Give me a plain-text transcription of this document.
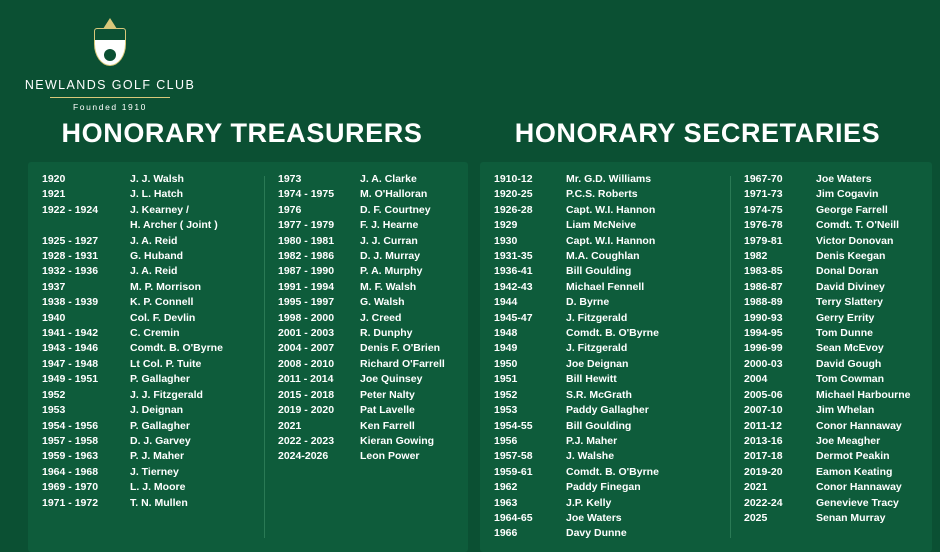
NEWLANDS GOLF CLUB
Founded 1910
HONORARY TREASURERS	HONORARY SECRETARIES
1920	J. J. Walsh
1921	J. L. Hatch
1922 - 1924	J. Kearney /
H. Archer ( Joint )
1925 - 1927	J. A. Reid
1928 - 1931	G. Huband
1932 - 1936	J. A. Reid
1937	M. P. Morrison
1938 - 1939	K. P. Connell
1940	Col. F. Devlin
1941 - 1942	C. Cremin
1943 - 1946	Comdt. B. O'Byrne
1947 - 1948	Lt Col. P. Tuite
1949 - 1951	P. Gallagher
1952	J. J. Fitzgerald
1953	J. Deignan
1954 - 1956	P. Gallagher
1957 - 1958	D. J. Garvey
1959 - 1963	P. J. Maher
1964 - 1968	J. Tierney
1969 - 1970	L. J. Moore
1971 - 1972	T. N. Mullen
1973	J. A. Clarke
1974 - 1975	M. O'Halloran
1976	D. F. Courtney
1977 - 1979	F. J. Hearne
1980 - 1981	J. J. Curran
1982 - 1986	D. J. Murray
1987 - 1990	P. A. Murphy
1991 - 1994	M. F. Walsh
1995 - 1997	G. Walsh
1998 - 2000	J. Creed
2001 - 2003	R. Dunphy
2004 - 2007	Denis F. O'Brien
2008 - 2010	Richard O'Farrell
2011 - 2014	Joe Quinsey
2015 - 2018	Peter Nalty
2019 - 2020	Pat Lavelle
2021	Ken Farrell
2022 - 2023	Kieran Gowing
2024-2026	Leon Power
1910-12	Mr. G.D. Williams
1920-25	P.C.S. Roberts
1926-28	Capt. W.I. Hannon
1929	Liam McNeive
1930	Capt. W.I. Hannon
1931-35	M.A. Coughlan
1936-41	Bill Goulding
1942-43	Michael Fennell
1944	D. Byrne
1945-47	J. Fitzgerald
1948	Comdt. B. O'Byrne
1949	J. Fitzgerald
1950	Joe Deignan
1951	Bill Hewitt
1952	S.R. McGrath
1953	Paddy Gallagher
1954-55	Bill Goulding
1956	P.J. Maher
1957-58	J. Walshe
1959-61	Comdt. B. O'Byrne
1962	Paddy Finegan
1963	J.P. Kelly
1964-65	Joe Waters
1966	Davy Dunne
1967-70	Joe Waters
1971-73	Jim Cogavin
1974-75	George Farrell
1976-78	Comdt. T. O'Neill
1979-81	Victor Donovan
1982	Denis Keegan
1983-85	Donal Doran
1986-87	David Diviney
1988-89	Terry Slattery
1990-93	Gerry Errity
1994-95	Tom Dunne
1996-99	Sean McEvoy
2000-03	David Gough
2004	Tom Cowman
2005-06	Michael Harbourne
2007-10	Jim Whelan
2011-12	Conor Hannaway
2013-16	Joe Meagher
2017-18	Dermot Peakin
2019-20	Eamon Keating
2021	Conor Hannaway
2022-24	Genevieve Tracy
2025	Senan Murray
